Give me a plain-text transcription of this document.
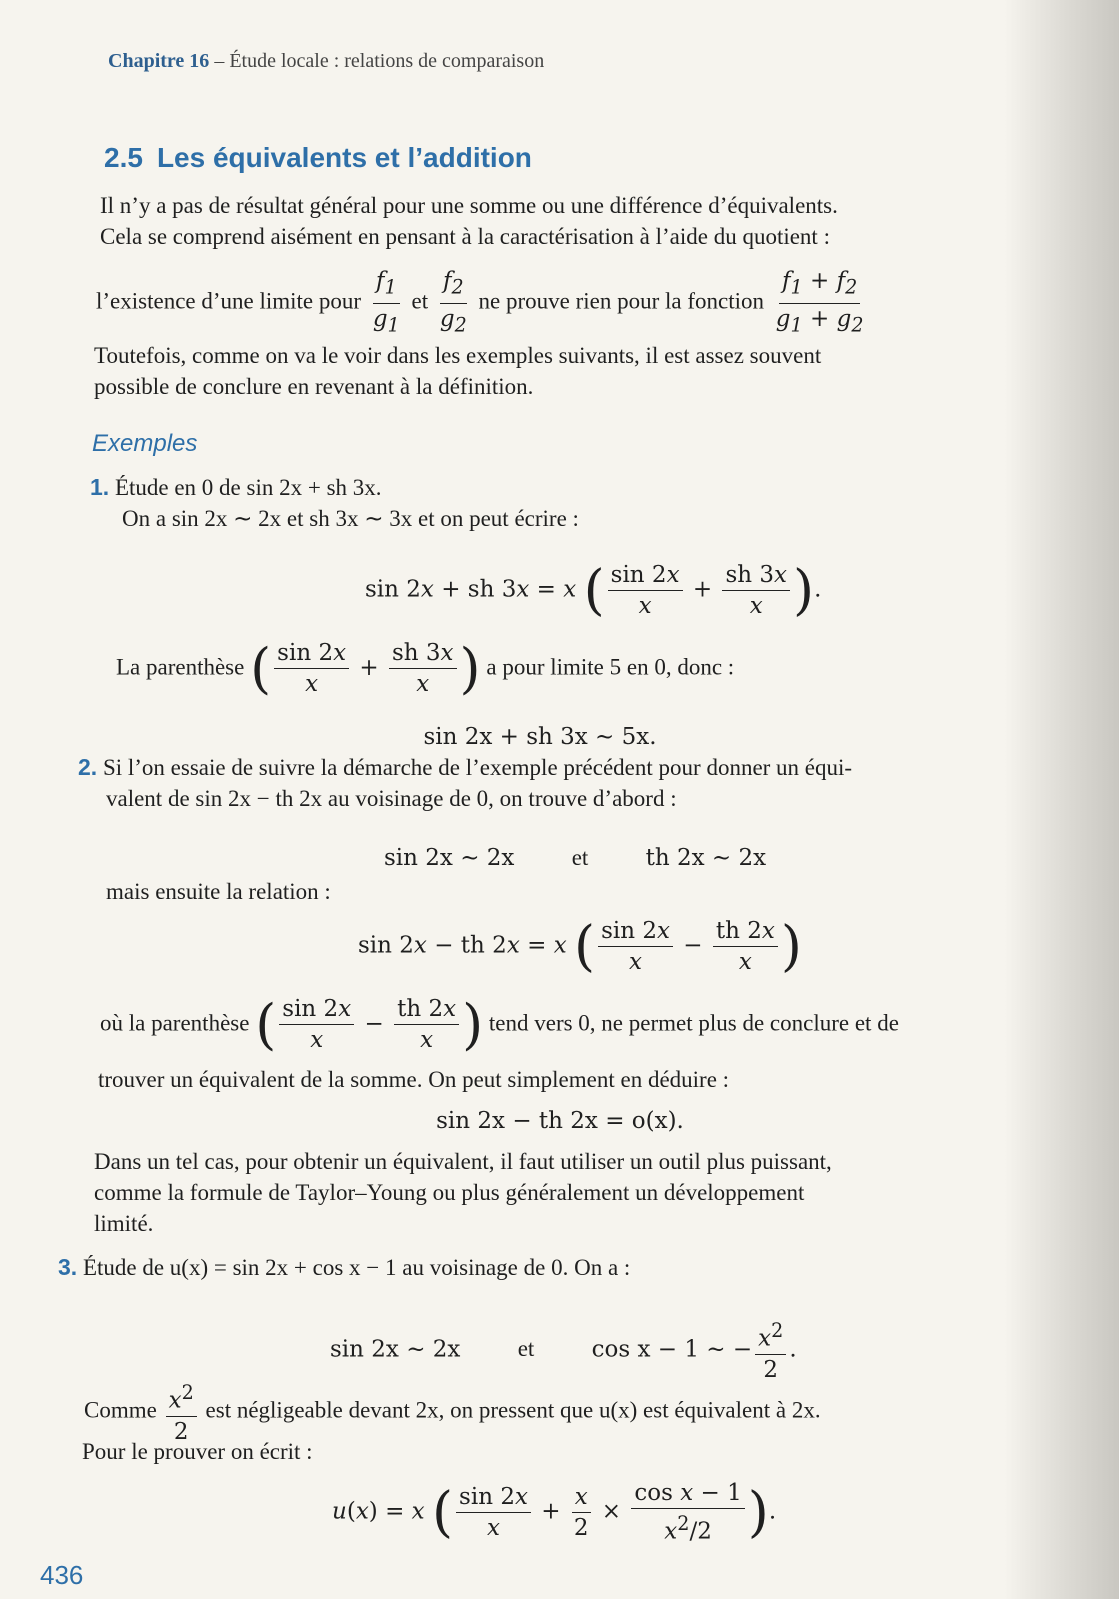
Chapitre 16 – Étude locale : relations de comparaison
2.5 Les équivalents et l’addition
Il n’y a pas de résultat général pour une somme ou une différence d’équivalents.
Cela se comprend aisément en pensant à la caractérisation à l’aide du quotient :
l’existence d’une limite pour $\frac{f_1}{g_1}$ et $\frac{f_2}{g_2}$ ne prouve rien pour la fonction $\frac{f_1 + f_2}{g_1 + g_2}$
Toutefois, comme on va le voir dans les exemples suivants, il est assez souvent
possible de conclure en revenant à la définition.
Exemples
1. Étude en 0 de sin 2x + sh 3x.
On a sin 2x ∼ 2x et sh 3x ∼ 3x et on peut écrire :
sin 2x + sh 3x = x ( $\frac{\sin 2x}{x} + \frac{sh 3x}{x}$ ).
La parenthèse ( $\frac{\sin 2x}{x} + \frac{sh 3x}{x}$ ) a pour limite 5 en 0, donc :
sin 2x + sh 3x ∼ 5x.
2. Si l’on essaie de suivre la démarche de l’exemple précédent pour donner un équi-
valent de sin 2x − th 2x au voisinage de 0, on trouve d’abord :
sin 2x ∼ 2x et th 2x ∼ 2x
mais ensuite la relation :
sin 2x − th 2x = x ( $\frac{\sin 2x}{x} - \frac{th 2x}{x}$ )
où la parenthèse ( $\frac{\sin 2x}{x} - \frac{th 2x}{x}$ ) tend vers 0, ne permet plus de conclure et de
trouver un équivalent de la somme. On peut simplement en déduire :
sin 2x − th 2x = o(x).
Dans un tel cas, pour obtenir un équivalent, il faut utiliser un outil plus puissant,
comme la formule de Taylor–Young ou plus généralement un développement
limité.
3. Étude de u(x) = sin 2x + cos x − 1 au voisinage de 0. On a :
sin 2x ∼ 2x et cos x − 1 ∼ − $\frac{x^2}{2}$ .
Comme $\frac{x^2}{2}$ est négligeable devant 2x, on pressent que u(x) est équivalent à 2x.
Pour le prouver on écrit :
u(x) = x ( $\frac{\sin 2x}{x} + \frac{x}{2} \times \frac{\text{cos x − 1}}{x^2/2}$ ).
436
